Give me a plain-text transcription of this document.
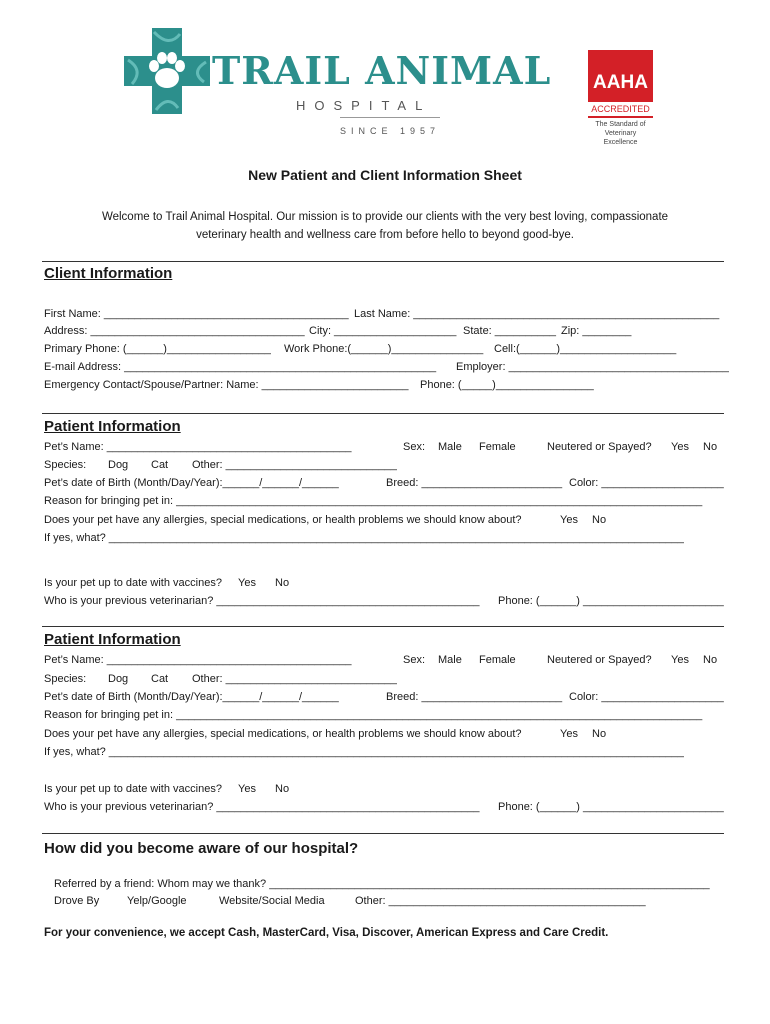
TRAIL ANIMAL
HOSPITAL
SINCE 1957
AAHA
ACCREDITED
The Standard of
Veterinary Excellence
New Patient and Client Information Sheet
Welcome to Trail Animal Hospital. Our mission is to provide our clients with the very best loving, compassionate
veterinary health and wellness care from before hello to beyond good-bye.
Client Information
First Name: ________________________________________ Last Name: __________________________________________________
Address: ___________________________________ City: ____________________ State: __________ Zip: ________
Primary Phone: (______)_________________ Work Phone:(______)_______________ Cell:(______)___________________
E-mail Address: ___________________________________________________ Employer: ____________________________________
Emergency Contact/Spouse/Partner: Name: ________________________ Phone: (_____)________________
Patient Information
Pet’s Name: ________________________________________	Sex: Male Female	Neutered or Spayed? Yes No
Species: Dog Cat Other: ____________________________
Pet’s date of Birth (Month/Day/Year):______/______/______	Breed: _______________________ Color: ____________________
Reason for bringing pet in: ______________________________________________________________________________________
Does your pet have any allergies, special medications, or health problems we should know about?	Yes No
If yes, what? ______________________________________________________________________________________________
Is your pet up to date with vaccines? Yes No
Who is your previous veterinarian? ___________________________________________ Phone: (______) _______________________
Patient Information
Pet’s Name: ________________________________________	Sex: Male Female	Neutered or Spayed? Yes No
Species: Dog Cat Other: ____________________________
Pet’s date of Birth (Month/Day/Year):______/______/______	Breed: _______________________ Color: ____________________
Reason for bringing pet in: ______________________________________________________________________________________
Does your pet have any allergies, special medications, or health problems we should know about?	Yes No
If yes, what? ______________________________________________________________________________________________
Is your pet up to date with vaccines? Yes No
Who is your previous veterinarian? ___________________________________________ Phone: (______) _______________________
How did you become aware of our hospital?
Referred by a friend: Whom may we thank? ________________________________________________________________________
Drove By	Yelp/Google	Website/Social Media	Other: __________________________________________
For your convenience, we accept Cash, MasterCard, Visa, Discover, American Express and Care Credit.
